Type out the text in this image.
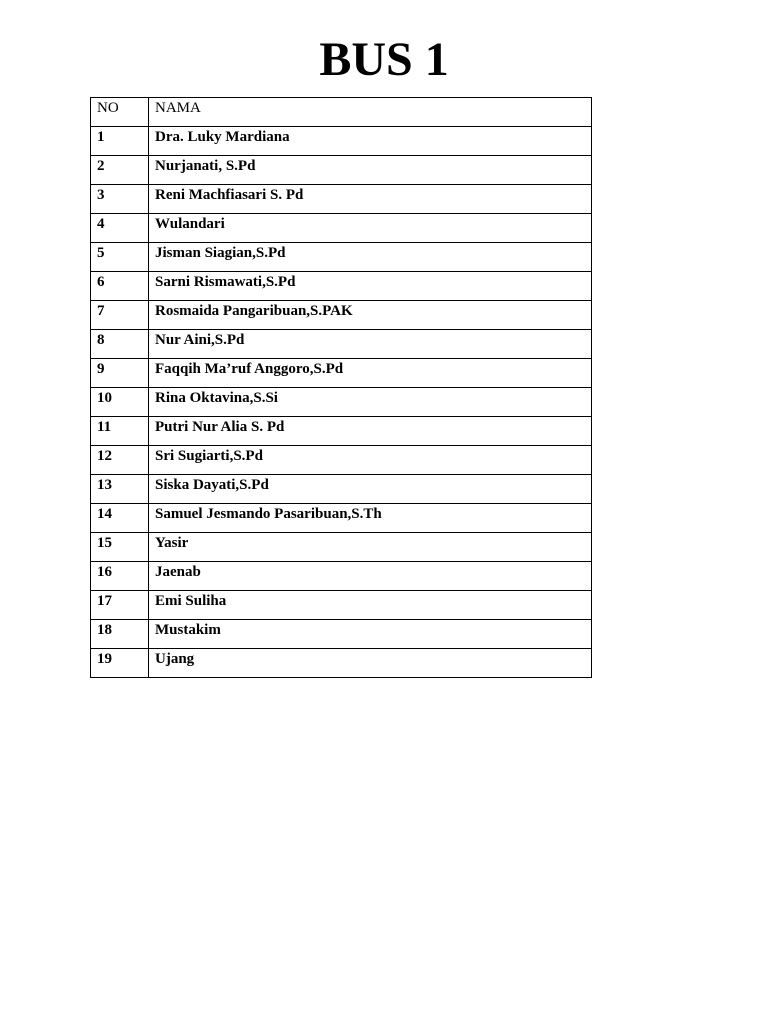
BUS 1
NO	NAMA
1	Dra. Luky Mardiana
2	Nurjanati, S.Pd
3	Reni Machfiasari S. Pd
4	Wulandari
5	Jisman Siagian,S.Pd
6	Sarni Rismawati,S.Pd
7	Rosmaida Pangaribuan,S.PAK
8	Nur Aini,S.Pd
9	Faqqih Ma’ruf Anggoro,S.Pd
10	Rina Oktavina,S.Si
11	Putri Nur Alia S. Pd
12	Sri Sugiarti,S.Pd
13	Siska Dayati,S.Pd
14	Samuel Jesmando Pasaribuan,S.Th
15	Yasir
16	Jaenab
17	Emi Suliha
18	Mustakim
19	Ujang
